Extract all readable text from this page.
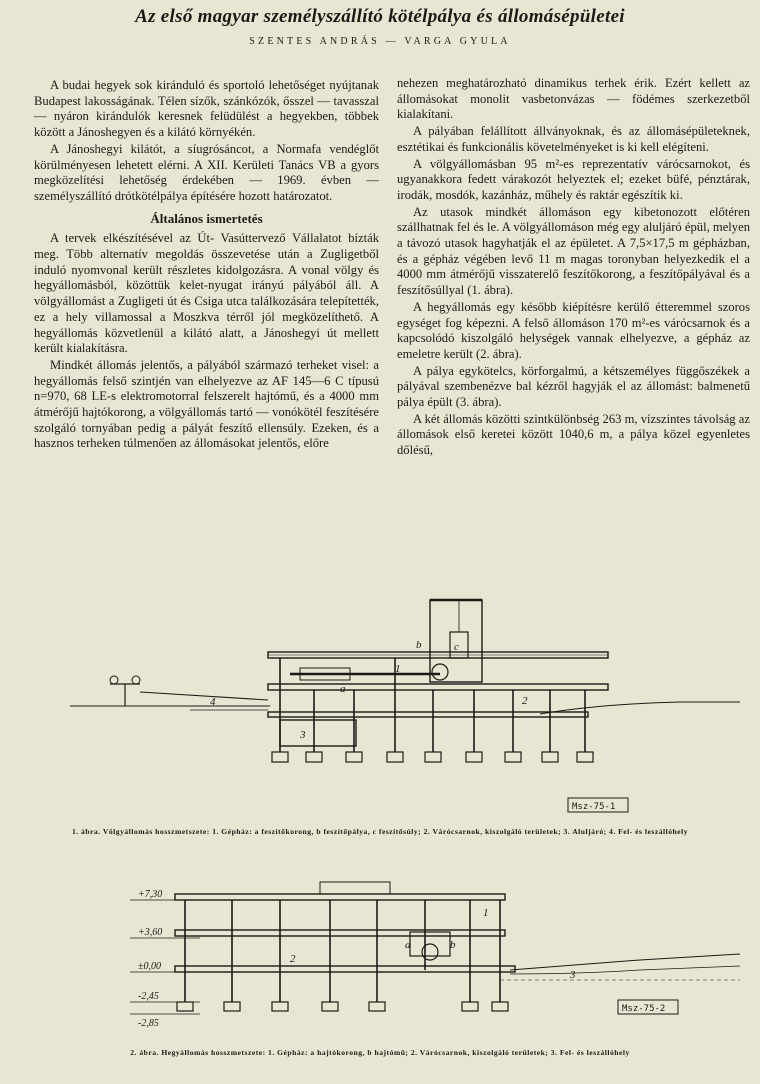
Az első magyar személyszállító kötélpálya és állomásépületei
SZENTES ANDRÁS — VARGA GYULA

A budai hegyek sok kiránduló és sportoló lehetőséget nyújtanak Budapest lakosságának. Télen sízők, szánkózók, ősszel — tavasszal — nyáron kirándulók keresnek felüdülést a hegyekben, többek között a Jánoshegyen és a kilátó környékén.

A Jánoshegyi kilátót, a síugrósáncot, a Normafa vendéglőt körülményesen lehetett elérni. A XII. Kerületi Tanács VB a gyors megközelítési lehetőség érdekében — 1969. évben — személyszállító drótkötélpálya építésére hozott határozatot.

Általános ismertetés

A tervek elkészítésével az Út- Vasúttervező Vállalatot bízták meg. Több alternatív megoldás összevetése után a Zugligetből induló nyomvonal került részletes kidolgozásra. A vonal völgy és hegyállomásból, közöttük kelet-nyugat irányú pályából áll. A völgyállomást a Zugligeti út és Csiga utca találkozására telepítették, ez a hely villamossal a Moszkva térről jól megközelíthető. A hegyállomás közvetlenül a kilátó alatt, a Jánoshegyi út mellett került kialakításra.

Mindkét állomás jelentős, a pályából származó terheket visel: a hegyállomás felső szintjén van elhelyezve az AF 145—6 C típusú n=970, 68 LE-s elektromotorral felszerelt hajtómű, és a 4000 mm átmérőjű hajtókorong, a völgyállomás tartó — vonókötél feszítésére szolgáló tornyában pedig a pályát feszítő ellensúly. Ezeken, és a hasznos terheken túlmenően az állomásokat jelentős, előre

nehezen meghatározható dinamikus terhek érik. Ezért kellett az állomásokat monolit vasbetonvázas — födémes szerkezetből kialakítani.

A pályában felállított állványoknak, és az állomásépületeknek, esztétikai és funkcionális követelményeket is ki kell elégíteni.

A völgyállomásban 95 m²-es reprezentatív várócsarnokot, és ugyanakkora fedett várakozót helyeztek el; ezeket büfé, pénztárak, irodák, mosdók, kazánház, műhely és raktár egészítik ki.

Az utasok mindkét állomáson egy kibetonozott előtéren szállhatnak fel és le. A völgyállomáson még egy aluljáró épül, melyen a távozó utasok hagyhatják el az épületet. A 7,5×17,5 m gépházban, és a gépház végében levő 11 m magas toronyban helyezkedik el a 4000 mm átmérőjű visszaterelő feszítőkorong, a feszítőpályával és a feszítősúllyal (1. ábra).

A hegyállomás egy később kiépítésre kerülő étteremmel szoros egységet fog képezni. A felső állomáson 170 m²-es várócsarnok és a kapcsolódó kiszolgáló helységek vannak elhelyezve, a gépház az emeletre került (2. ábra).

A pálya egykötelcs, körforgalmú, a kétszemélyes függőszékek a pályával szembenézve bal kézről hagyják el az állomást: balmenetű pálya épült (3. ábra).

A két állomás közötti szintkülönbség 263 m, vízszintes távolság az állomások első keretei között 1040,6 m, a pálya közel egyenletes dőlésű,

4
1
2
3
a
b	c
Msz-75-1
1. ábra. Völgyállomás hosszmetszete: 1. Gépház: a feszítőkorong, b feszítőpálya, c feszítősúly; 2. Várócsarnok, kiszolgáló területek; 3. Aluljáró; 4. Fel- és leszállóhely
+7,30
+3,60
±0,00
-2,45
-2,85
1
2
3
a	b
Msz-75-2
2. ábra. Hegyállomás hosszmetszete: 1. Gépház: a hajtókorong, b hajtómű; 2. Várócsarnok, kiszolgáló területek; 3. Fel- és leszállóhely
